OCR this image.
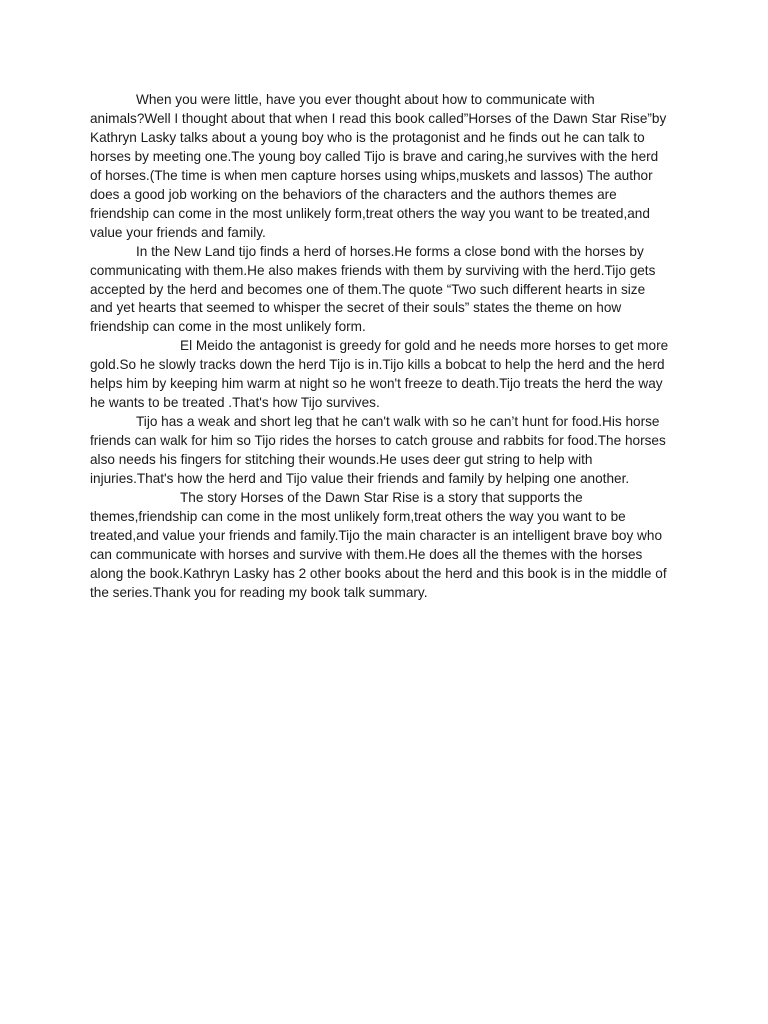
When you were little, have you ever thought about how to communicate with
animals?Well I thought about that when I read this book called”Horses of the Dawn Star Rise”by
Kathryn Lasky talks about a young boy who is the protagonist and he finds out he can talk to
horses by meeting one.The young boy called Tijo is brave and caring,he survives with the herd
of horses.(The time is when men capture horses using whips,muskets and lassos) The author
does a good job working on the behaviors of the characters and the authors themes are
friendship can come in the most unlikely form,treat others the way you want to be treated,and
value your friends and family.
In the New Land tijo finds a herd of horses.He forms a close bond with the horses by
communicating with them.He also makes friends with them by surviving with the herd.Tijo gets
accepted by the herd and becomes one of them.The quote “Two such different hearts in size
and yet hearts that seemed to whisper the secret of their souls” states the theme on how
friendship can come in the most unlikely form.
El Meido the antagonist is greedy for gold and he needs more horses to get more
gold.So he slowly tracks down the herd Tijo is in.Tijo kills a bobcat to help the herd and the herd
helps him by keeping him warm at night so he won't freeze to death.Tijo treats the herd the way
he wants to be treated .That's how Tijo survives.
Tijo has a weak and short leg that he can't walk with so he can’t hunt for food.His horse
friends can walk for him so Tijo rides the horses to catch grouse and rabbits for food.The horses
also needs his fingers for stitching their wounds.He uses deer gut string to help with
injuries.That's how the herd and Tijo value their friends and family by helping one another.
The story Horses of the Dawn Star Rise is a story that supports the
themes,friendship can come in the most unlikely form,treat others the way you want to be
treated,and value your friends and family.Tijo the main character is an intelligent brave boy who
can communicate with horses and survive with them.He does all the themes with the horses
along the book.Kathryn Lasky has 2 other books about the herd and this book is in the middle of
the series.Thank you for reading my book talk summary.
